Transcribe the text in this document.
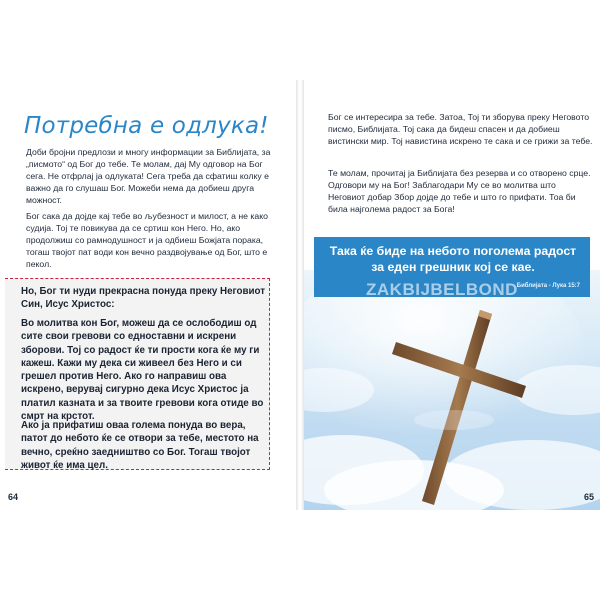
Потребна е одлука!

Доби бројни предлози и многу информации за Библијата, за „писмото“ од Бог до тебе. Те молам, дај Му одговор на Бог сега. Не отфрлај ја одлуката! Сега треба да сфатиш колку е важно да го слушаш Бог. Можеби нема да добиеш друга можност.

Бог сака да дојде кај тебе во љубезност и милост, а не како судија. Тој те повикува да се сртиш кон Него. Но, ако продолжиш со рамнодушност и ја одбиеш Божјата порака, тогаш твојот пат води кон вечно раздвојување од Бог, што е пекол.

Но, Бог ти нуди прекрасна понуда преку Неговиот Син, Исус Христос:

Во молитва кон Бог, можеш да се ослободиш од сите свои гревови со едноставни и искрени зборови. Тој со радост ќе ти прости кога ќе му ги кажеш. Кажи му дека си живеел без Него и си грешел против Него. Ако го направиш ова искрено, верувај сигурно дека Исус Христос ја платил казната и за твоите гревови кога отиде во смрт на крстот.

Ако ја прифатиш оваа голема понуда во вера, патот до небото ќе се отвори за тебе, местото на вечно, среќно заедништво со Бог. Тогаш твојот живот ќе има цел.

64

Бог се интересира за тебе. Затоа, Тој ти зборува преку Неговото писмо, Библијата. Тој сака да бидеш спасен и да добиеш вистински мир. Тој навистина искрено те сака и се грижи за тебе.

Те молам, прочитај ја Библијата без резерва и со отворено срце. Одговори му на Бог! Заблагодари Му се во молитва што Неговиот добар Збор дојде до тебе и што го прифати. Тоа би била најголема радост за Бога!

Така ќе биде на небото поголема радост за еден грешник кој се кае.

Библијата - Лука 15:7

ZAKBIJBELBOND

65
